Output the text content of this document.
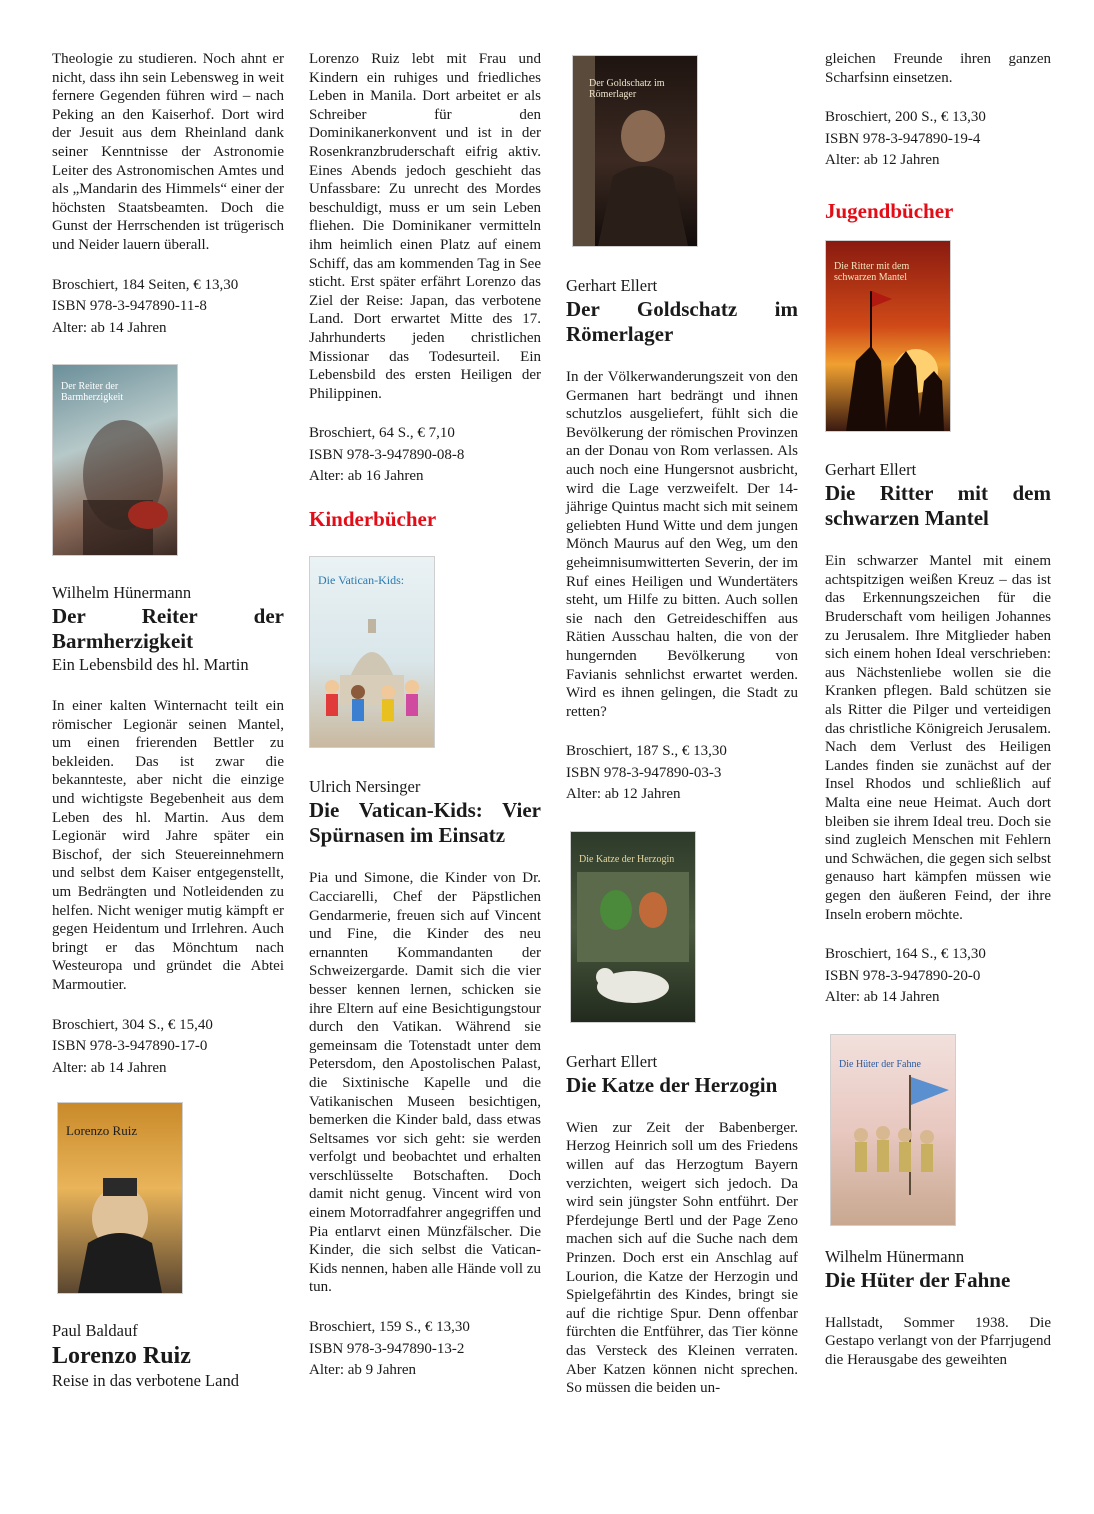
Theologie zu studieren. Noch ahnt er nicht, dass ihn sein Lebensweg in weit fernere Gegenden führen wird – nach Peking an den Kaiserhof. Dort wird der Jesuit aus dem Rheinland dank seiner Kenntnisse der Astronomie Leiter des Astronomischen Amtes und als „Mandarin des Himmels“ einer der höchsten Staatsbeamten. Doch die Gunst der Herrschenden ist trügerisch und Neider lauern überall.

Broschiert, 184 Seiten, € 13,30

ISBN 978-3-947890-11-8

Alter: ab 14 Jahren

Der Reiter der Barmherzigkeit

Wilhelm Hünermann

Der Reiter der Barmherzigkeit

Ein Lebensbild des hl. Martin

In einer kalten Winternacht teilt ein römischer Legionär seinen Mantel, um einen frierenden Bettler zu bekleiden. Das ist zwar die bekannteste, aber nicht die einzige und wichtigste Begebenheit aus dem Leben des hl. Martin. Aus dem Legionär wird Jahre später ein Bischof, der sich Steuereinnehmern und selbst dem Kaiser entgegenstellt, um Bedrängten und Notleidenden zu helfen. Nicht weniger mutig kämpft er gegen Heidentum und Irrlehren. Auch bringt er das Mönchtum nach Westeuropa und gründet die Abtei Marmoutier.

Broschiert, 304 S., € 15,40

ISBN 978-3-947890-17-0

Alter: ab 14 Jahren

Lorenzo Ruiz

Paul Baldauf

Lorenzo Ruiz

Reise in das verbotene Land

Lorenzo Ruiz lebt mit Frau und Kindern ein ruhiges und friedliches Leben in Manila. Dort arbeitet er als Schreiber für den Dominikanerkonvent und ist in der Rosenkranzbruderschaft eifrig aktiv. Eines Abends jedoch geschieht das Unfassbare: Zu unrecht des Mordes beschuldigt, muss er um sein Leben fliehen. Die Dominikaner vermitteln ihm heimlich einen Platz auf einem Schiff, das am kommenden Tag in See sticht. Erst später erfährt Lorenzo das Ziel der Reise: Japan, das verbotene Land. Dort erwartet Mitte des 17. Jahrhunderts jeden christlichen Missionar das Todesurteil. Ein Lebensbild des ersten Heiligen der Philippinen.

Broschiert, 64 S., € 7,10

ISBN 978-3-947890-08-8

Alter: ab 16 Jahren

Kinderbücher

Die Vatican-Kids:

Ulrich Nersinger

Die Vatican-Kids: Vier Spürnasen im Einsatz

Pia und Simone, die Kinder von Dr. Cacciarelli, Chef der Päpstlichen Gendarmerie, freuen sich auf Vincent und Fine, die Kinder des neu ernannten Kommandanten der Schweizergarde. Damit sich die vier besser kennen lernen, schicken sie ihre Eltern auf eine Besichtigungstour durch den Vatikan. Während sie gemeinsam die Totenstadt unter dem Petersdom, den Apostolischen Palast, die Sixtinische Kapelle und die Vatikanischen Museen besichtigen, bemerken die Kinder bald, dass etwas Seltsames vor sich geht: sie werden verfolgt und beobachtet und erhalten verschlüsselte Botschaften. Doch damit nicht genug. Vincent wird von einem Motorradfahrer angegriffen und Pia entlarvt einen Münzfälscher. Die Kinder, die sich selbst die Vatican-Kids nennen, haben alle Hände voll zu tun.

Broschiert, 159 S., € 13,30

ISBN 978-3-947890-13-2

Alter: ab 9 Jahren

Der Goldschatz im Römerlager

Gerhart Ellert

Der Goldschatz im Römerlager

In der Völkerwanderungszeit von den Germanen hart bedrängt und ihnen schutzlos ausgeliefert, fühlt sich die Bevölkerung der römischen Provinzen an der Donau von Rom verlassen. Als auch noch eine Hungersnot ausbricht, wird die Lage verzweifelt. Der 14-jährige Quintus macht sich mit seinem geliebten Hund Witte und dem jungen Mönch Maurus auf den Weg, um den geheimnisumwitterten Severin, der im Ruf eines Heiligen und Wundertäters steht, um Hilfe zu bitten. Auch sollen sie nach den Getreideschiffen aus Rätien Ausschau halten, die von der hungernden Bevölkerung von Favianis sehnlichst erwartet werden. Wird es ihnen gelingen, die Stadt zu retten?

Broschiert, 187 S., € 13,30

ISBN 978-3-947890-03-3

Alter: ab 12 Jahren

Die Katze der Herzogin

Gerhart Ellert

Die Katze der Herzogin

Wien zur Zeit der Babenberger. Herzog Heinrich soll um des Friedens willen auf das Herzogtum Bayern verzichten, weigert sich jedoch. Da wird sein jüngster Sohn entführt. Der Pferdejunge Bertl und der Page Zeno machen sich auf die Suche nach dem Prinzen. Doch erst ein Anschlag auf Lourion, die Katze der Herzogin und Spielgefährtin des Kindes, bringt sie auf die richtige Spur. Denn offenbar fürchten die Entführer, das Tier könne das Versteck des Kleinen verraten. Aber Katzen können nicht sprechen. So müssen die beiden un-

gleichen Freunde ihren ganzen Scharfsinn einsetzen.

Broschiert, 200 S., € 13,30

ISBN 978-3-947890-19-4

Alter: ab 12 Jahren

Jugendbücher

Die Ritter mit dem schwarzen Mantel

Gerhart Ellert

Die Ritter mit dem schwarzen Mantel

Ein schwarzer Mantel mit einem achtspitzigen weißen Kreuz – das ist das Erkennungszeichen für die Bruderschaft vom heiligen Johannes zu Jerusalem. Ihre Mitglieder haben sich einem hohen Ideal verschrieben: aus Nächstenliebe wollen sie die Kranken pflegen. Bald schützen sie als Ritter die Pilger und verteidigen das christliche Königreich Jerusalem. Nach dem Verlust des Heiligen Landes finden sie zunächst auf der Insel Rhodos und schließlich auf Malta eine neue Heimat. Auch dort bleiben sie ihrem Ideal treu. Doch sie sind zugleich Menschen mit Fehlern und Schwächen, die gegen sich selbst genauso hart kämpfen müssen wie gegen den äußeren Feind, der ihre Inseln erobern möchte.

Broschiert, 164 S., € 13,30

ISBN 978-3-947890-20-0

Alter: ab 14 Jahren

Die Hüter der Fahne

Wilhelm Hünermann

Die Hüter der Fahne

Hallstadt, Sommer 1938. Die Gestapo verlangt von der Pfarrjugend die Herausgabe des geweihten
